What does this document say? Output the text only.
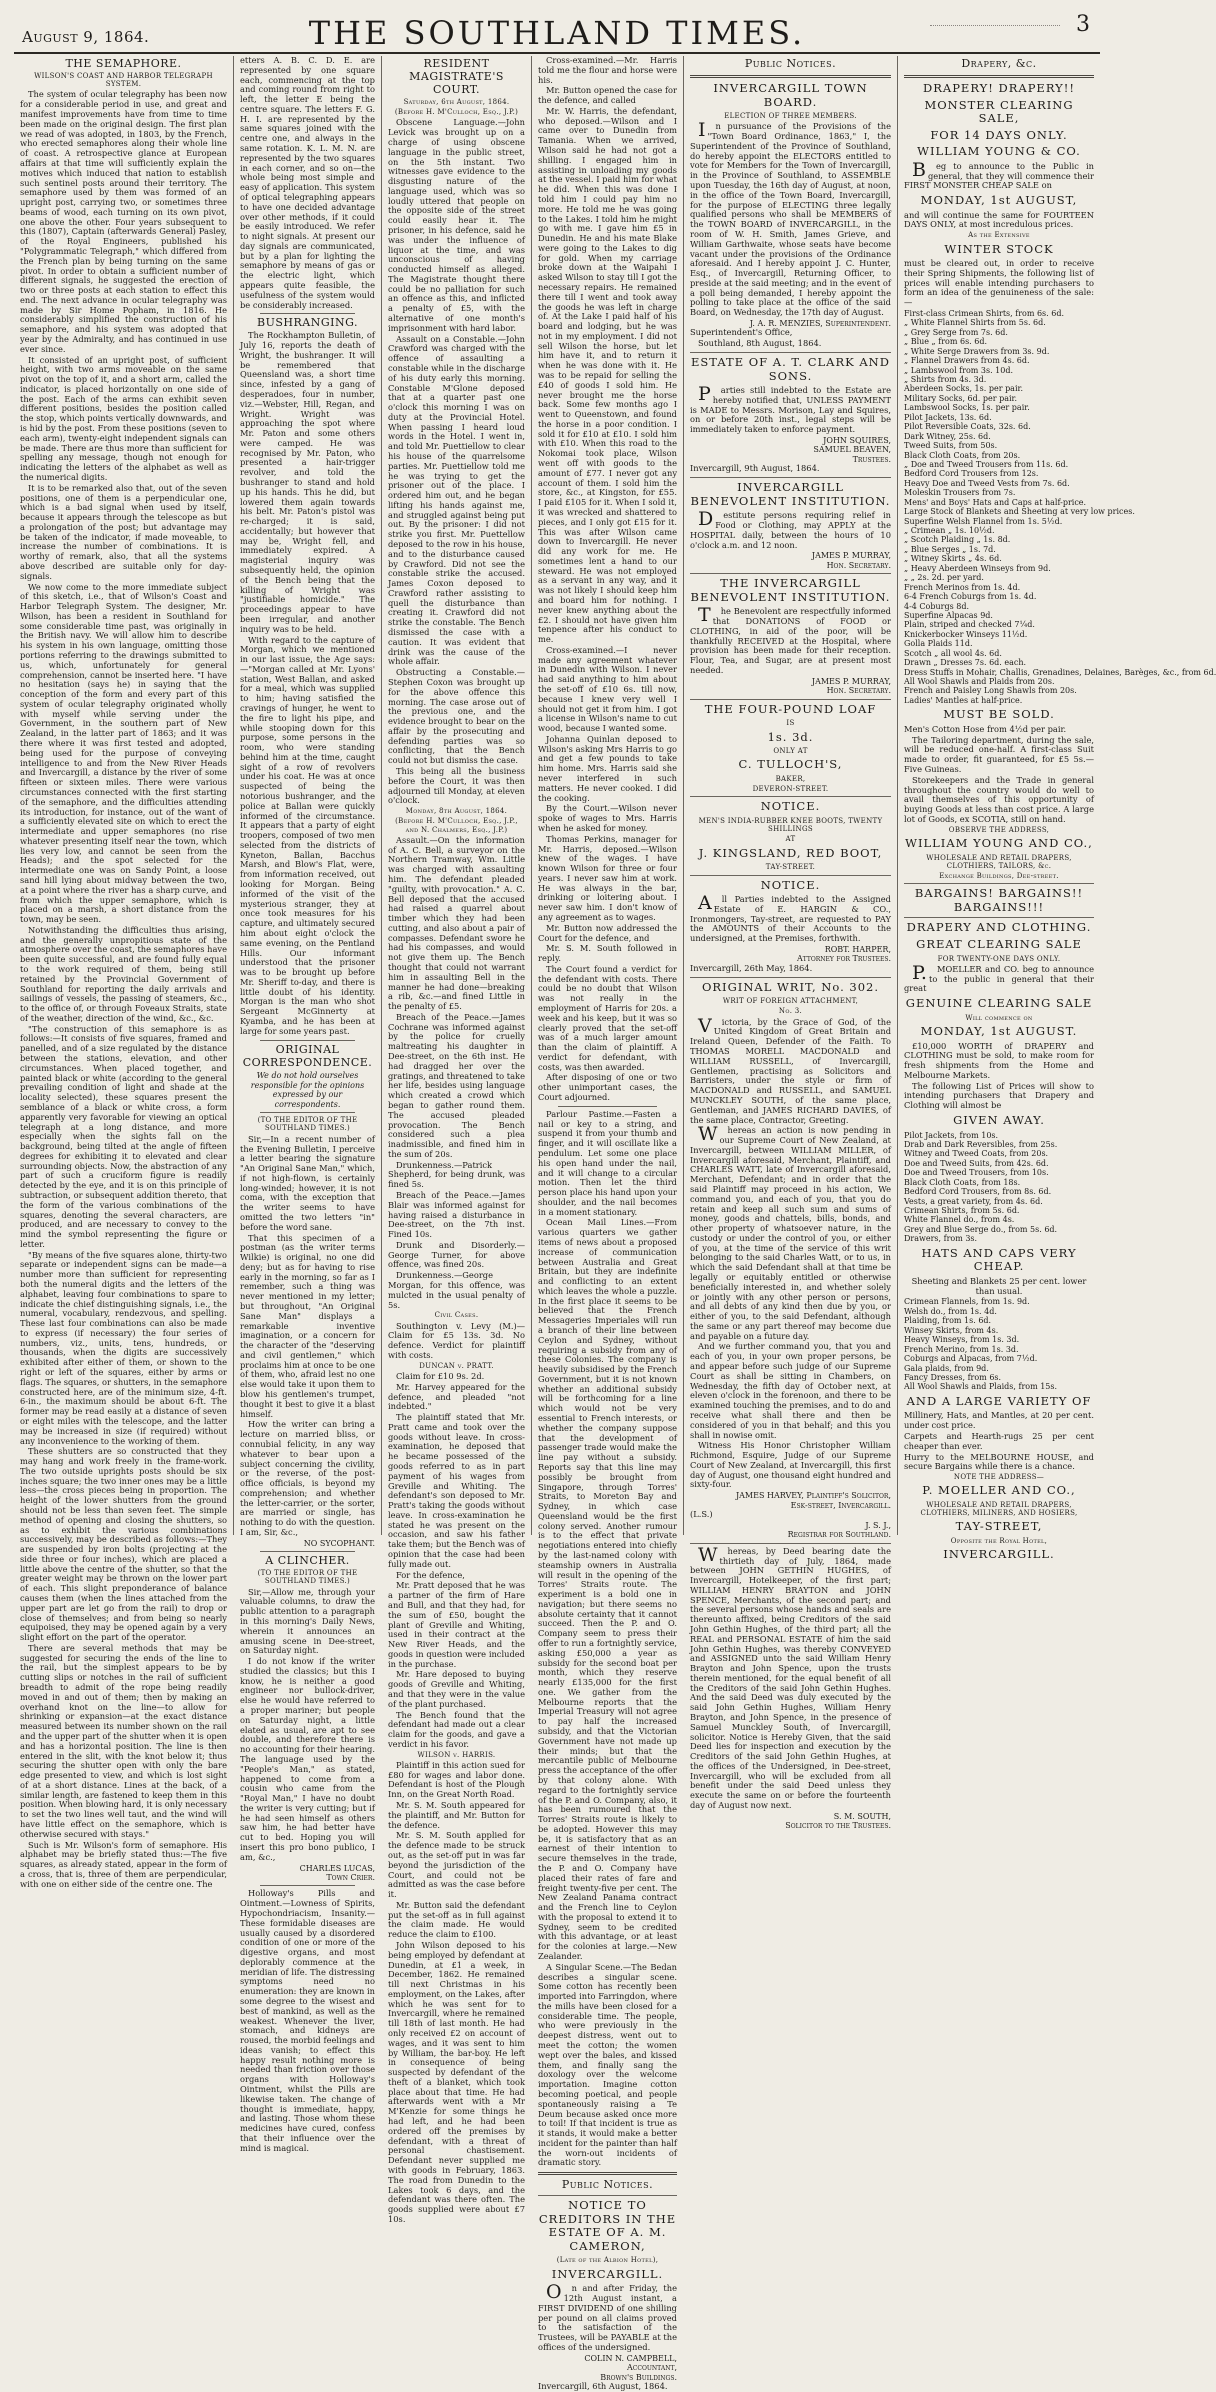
August 9, 1864.	THE SOUTHLAND TIMES.	3
THE SEMAPHORE.
WILSON'S COAST AND HARBOR TELEGRAPH SYSTEM.

The system of ocular telegraphy has been now for a considerable period in use, and great and manifest improvements have from time to time been made on the original design. The first plan we read of was adopted, in 1803, by the French, who erected semaphores along their whole line of coast. A retrospective glance at European affairs at that time will sufficiently explain the motives which induced that nation to establish such sentinel posts around their territory. The semaphore used by them was formed of an upright post, carrying two, or sometimes three beams of wood, each turning on its own pivot, one above the other. Four years subsequent to this (1807), Captain (afterwards General) Pasley, of the Royal Engineers, published his "Polygrammatic Telegraph," which differed from the French plan by being turning on the same pivot. In order to obtain a sufficient number of different signals, he suggested the erection of two or three posts at each station to effect this end. The next advance in ocular telegraphy was made by Sir Home Popham, in 1816. He considerably simplified the construction of his semaphore, and his system was adopted that year by the Admiralty, and has continued in use ever since.

It consisted of an upright post, of sufficient height, with two arms moveable on the same pivot on the top of it, and a short arm, called the indicator, is placed horizontally on one side of the post. Each of the arms can exhibit seven different positions, besides the position called the stop, which points vertically downwards, and is hid by the post. From these positions (seven to each arm), twenty-eight independent signals can be made. There are thus more than sufficient for spelling any message, though not enough for indicating the letters of the alphabet as well as the numerical digits.

It is to be remarked also that, out of the seven positions, one of them is a perpendicular one, which is a bad signal when used by itself, because it appears through the telescope as but a prolongation of the post; but advantage may be taken of the indicator, if made moveable, to increase the number of combinations. It is worthy of remark, also, that all the systems above described are suitable only for day-signals.

We now come to the more immediate subject of this sketch, i.e., that of Wilson's Coast and Harbor Telegraph System. The designer, Mr. Wilson, has been a resident in Southland for some considerable time past, was originally in the British navy. We will allow him to describe his system in his own language, omitting those portions referring to the drawings submitted to us, which, unfortunately for general comprehension, cannot be inserted here. "I have no hesitation (says he) in saying that the conception of the form and every part of this system of ocular telegraphy originated wholly with myself while serving under the Government, in the southern part of New Zealand, in the latter part of 1863; and it was there where it was first tested and adopted, being used for the purpose of conveying intelligence to and from the New River Heads and Invercargill, a distance by the river of some fifteen or sixteen miles. There were various circumstances connected with the first starting of the semaphore, and the difficulties attending its introduction, for instance, out of the want of a sufficiently elevated site on which to erect the intermediate and upper semaphores (no rise whatever presenting itself near the town, which lies very low, and cannot be seen from the Heads); and the spot selected for the intermediate one was on Sandy Point, a loose sand hill lying about midway between the two, at a point where the river has a sharp curve, and from which the upper semaphore, which is placed on a marsh, a short distance from the town, may be seen.

Notwithstanding the difficulties thus arising, and the generally unpropitious state of the atmosphere over the coast, the semaphores have been quite successful, and are found fully equal to the work required of them, being still retained by the Provincial Government of Southland for reporting the daily arrivals and sailings of vessels, the passing of steamers, &c., to the office of, or through Foveaux Straits, state of the weather, direction of the wind, &c., &c.

"The construction of this semaphore is as follows:—It consists of five squares, framed and panelled, and of a size regulated by the distance between the stations, elevation, and other circumstances. When placed together, and painted black or white (according to the general prevailing condition of light and shade at the locality selected), these squares present the semblance of a black or white cross, a form apparently very favorable for viewing an optical telegraph at a long distance, and more especially when the sights fall on the background, being tilted at the angle of fifteen degrees for exhibiting it to elevated and clear surrounding objects. Now, the abstraction of any part of such a cruciform figure is readily detected by the eye, and it is on this principle of subtraction, or subsequent addition thereto, that the form of the various combinations of the squares, denoting the several characters, are produced, and are necessary to convey to the mind the symbol representing the figure or letter.

"By means of the five squares alone, thirty-two separate or independent signs can be made—a number more than sufficient for representing both the numeral digits and the letters of the alphabet, leaving four combinations to spare to indicate the chief distinguishing signals, i.e., the numeral, vocabulary, rendezvous, and spelling. These last four combinations can also be made to express (if necessary) the four series of numbers, viz., units, tens, hundreds, or thousands, when the digits are successively exhibited after either of them, or shown to the right or left of the squares, either by arms or flags. The squares, or shutters, in the semaphore constructed here, are of the minimum size, 4-ft. 6-in., the maximum should be about 6-ft. The former may be read easily at a distance of seven or eight miles with the telescope, and the latter may be increased in size (if required) without any inconvenience to the working of them.

These shutters are so constructed that they may hang and work freely in the frame-work. The two outside uprights posts should be six inches square; the two inner ones may be a little less—the cross pieces being in proportion. The height of the lower shutters from the ground should not be less than seven feet. The simple method of opening and closing the shutters, so as to exhibit the various combinations successively, may be described as follows:—They are suspended by iron bolts (projecting at the side three or four inches), which are placed a little above the centre of the shutter, so that the greater weight may be thrown on the lower part of each. This slight preponderance of balance causes them (when the lines attached from the upper part are let go from the rail) to drop or close of themselves; and from being so nearly equipoised, they may be opened again by a very slight effort on the part of the operator.

There are several methods that may be suggested for securing the ends of the line to the rail, but the simplest appears to be by cutting slips or notches in the rail of sufficient breadth to admit of the rope being readily moved in and out of them; then by making an overhand knot on the line—to allow for shrinking or expansion—at the exact distance measured between its number shown on the rail and the upper part of the shutter when it is open and has a horizontal position. The line is then entered in the slit, with the knot below it; thus securing the shutter open with only the bare edge presented to view, and which is lost sight of at a short distance. Lines at the back, of a similar length, are fastened to keep them in this position. When blowing hard, it is only necessary to set the two lines well taut, and the wind will have little effect on the semaphore, which is otherwise secured with stays."

Such is Mr. Wilson's form of semaphore. His alphabet may be briefly stated thus:—The five squares, as already stated, appear in the form of a cross, that is, three of them are perpendicular, with one on either side of the centre one. The

etters A. B. C. D. E. are represented by one square each, commencing at the top and coming round from right to left, the letter E being the centre square. The letters F. G. H. I. are represented by the same squares joined with the centre one, and always in the same rotation. K. L. M. N. are represented by the two squares in each corner, and so on—the whole being most simple and easy of application. This system of optical telegraphing appears to have one decided advantage over other methods, if it could be easily introduced. We refer to night signals. At present our day signals are communicated, but by a plan for lighting the semaphore by means of gas or the electric light, which appears quite feasible, the usefulness of the system would be considerably increased.

BUSHRANGING.

The Rockhampton Bulletin, of July 16, reports the death of Wright, the bushranger. It will be remembered that Queensland was, a short time since, infested by a gang of desperadoes, four in number, viz.—Webster, Hill, Regan, and Wright. Wright was approaching the spot where Mr. Paton and some others were camped. He was recognised by Mr. Paton, who presented a hair-trigger revolver, and told the bushranger to stand and hold up his hands. This he did, but lowered them again towards his belt. Mr. Paton's pistol was re-charged; it is said, accidentally; but however that may be, Wright fell, and immediately expired. A magisterial inquiry was subsequently held, the opinion of the Bench being that the killing of Wright was "justifiable homicide." The proceedings appear to have been irregular, and another inquiry was to be held.

With regard to the capture of Morgan, which we mentioned in our last issue, the Age says:—"Morgan called at Mr. Lyons' station, West Ballan, and asked for a meal, which was supplied to him; having satisfied the cravings of hunger, he went to the fire to light his pipe, and while stooping down for this purpose, some persons in the room, who were standing behind him at the time, caught sight of a row of revolvers under his coat. He was at once suspected of being the notorious bushranger, and the police at Ballan were quickly informed of the circumstance. It appears that a party of eight troopers, composed of two men selected from the districts of Kyneton, Ballan, Bacchus Marsh, and Blow's Flat, were, from information received, out looking for Morgan. Being informed of the visit of the mysterious stranger, they at once took measures for his capture, and ultimately secured him about eight o'clock the same evening, on the Pentland Hills. Our informant understood that the prisoner was to be brought up before Mr. Sheriff to-day, and there is little doubt of his identity. Morgan is the man who shot Sergeant McGinnerty at Kyamba, and he has been at large for some years past.

ORIGINAL CORRESPONDENCE.
We do not hold ourselves responsible for the opinions expressed by our correspondents.
(TO THE EDITOR OF THE SOUTHLAND TIMES.)

Sir,—In a recent number of the Evening Bulletin, I perceive a letter bearing the signature "An Original Sane Man," which, if not high-flown, is certainly long-winded; however, it is not coma, with the exception that the writer seems to have omitted the two letters "in" before the word sane.

That this specimen of a postman (as the writer terms Wilkie) is original, no one did deny; but as for having to rise early in the morning, so far as I remember, such a thing was never mentioned in my letter; but throughout, "An Original Sane Man" displays a remarkable inventive imagination, or a concern for the character of the "deserving and civil gentlemen," which proclaims him at once to be one of them, who, afraid lest no one else would take it upon them to blow his gentlemen's trumpet, thought it best to give it a blast himself.

How the writer can bring a lecture on married bliss, or connubial felicity, in any way whatever to bear upon a subject concerning the civility, or the reverse, of the post-office officials, is beyond my comprehension; and whether the letter-carrier, or the sorter, are married or single, has nothing to do with the question. I am, Sir, &c.,

NO SYCOPHANT.
A CLINCHER.
(TO THE EDITOR OF THE SOUTHLAND TIMES.)

Sir,—Allow me, through your valuable columns, to draw the public attention to a paragraph in this morning's Daily News, wherein it announces an amusing scene in Dee-street, on Saturday night.

I do not know if the writer studied the classics; but this I know, he is neither a good engineer nor bullock-driver, else he would have referred to a proper mariner; but people on Saturday night, a little elated as usual, are apt to see double, and therefore there is no accounting for their hearing. The language used by the "People's Man," as stated, happened to come from a cousin who came from the "Royal Man," I have no doubt the writer is very cutting; but if he had seen himself as others saw him, he had better have cut to bed. Hoping you will insert this pro bono publico, I am, &c.,

CHARLES LUCAS,
Town Crier.

Holloway's Pills and Ointment.—Lowness of Spirits, Hypochondriacism, Insanity.—These formidable diseases are usually caused by a disordered condition of one or more of the digestive organs, and most deplorably commence at the meridian of life. The distressing symptoms need no enumeration: they are known in some degree to the wisest and best of mankind, as well as the weakest. Whenever the liver, stomach, and kidneys are roused, the morbid feelings and ideas vanish; to effect this happy result nothing more is needed than friction over those organs with Holloway's Ointment, whilst the Pills are likewise taken. The change of thought is immediate, happy, and lasting. Those whom these medicines have cured, confess that their influence over the mind is magical.

RESIDENT MAGISTRATE'S COURT.
Saturday, 6th August, 1864.
(Before H. M'Culloch, Esq., J.P.)

Obscene Language.—John Levick was brought up on a charge of using obscene language in the public street, on the 5th instant. Two witnesses gave evidence to the disgusting nature of the language used, which was so loudly uttered that people on the opposite side of the street could easily hear it. The prisoner, in his defence, said he was under the influence of liquor at the time, and was unconscious of having conducted himself as alleged. The Magistrate thought there could be no palliation for such an offence as this, and inflicted a penalty of £5, with the alternative of one month's imprisonment with hard labor.

Assault on a Constable.—John Crawford was charged with the offence of assaulting a constable while in the discharge of his duty early this morning. Constable M'Glone deposed that at a quarter past one o'clock this morning I was on duty at the Provincial Hotel. When passing I heard loud words in the Hotel. I went in, and told Mr. Puettiellow to clear his house of the quarrelsome parties. Mr. Puettiellow told me he was trying to get the prisoner out of the place. I ordered him out, and he began lifting his hands against me, and struggled against being put out. By the prisoner: I did not strike you first. Mr. Puettellow deposed to the row in his house, and to the disturbance caused by Crawford. Did not see the constable strike the accused. James Coxon deposed to Crawford rather assisting to quell the disturbance than creating it. Crawford did not strike the constable. The Bench dismissed the case with a caution. It was evident that drink was the cause of the whole affair.

Obstructing a Constable.—Stephen Coxon was brought up for the above offence this morning. The case arose out of the previous one, and the evidence brought to bear on the affair by the prosecuting and defending parties was so conflicting, that the Bench could not but dismiss the case.

This being all the business before the Court, it was then adjourned till Monday, at eleven o'clock.

Monday, 8th August, 1864.
(Before H. M'Culloch, Esq., J.P., and N. Chalmers, Esq., J.P.)

Assault.—On the information of A. C. Bell, a surveyor on the Northern Tramway, Wm. Little was charged with assaulting him. The defendant pleaded "guilty, with provocation." A. C. Bell deposed that the accused had raised a quarrel about timber which they had been cutting, and also about a pair of compasses. Defendant swore he had his compasses, and would not give them up. The Bench thought that could not warrant him in assaulting Bell in the manner he had done—breaking a rib, &c.—and fined Little in the penalty of £5.

Breach of the Peace.—James Cochrane was informed against by the police for cruelly maltreating his daughter in Dee-street, on the 6th inst. He had dragged her over the gratings, and threatened to take her life, besides using language which created a crowd which began to gather round them. The accused pleaded provocation. The Bench considered such a plea inadmissible, and fined him in the sum of 20s.

Drunkenness.—Patrick Shepherd, for being drunk, was fined 5s.

Breach of the Peace.—James Blair was informed against for having raised a disturbance in Dee-street, on the 7th inst. Fined 10s.

Drunk and Disorderly.—George Turner, for above offence, was fined 20s.

Drunkenness.—George Morgan, for this offence, was mulcted in the usual penalty of 5s.

Civil Cases.

Southington v. Levy (M.)—Claim for £5 13s. 3d. No defence. Verdict for plaintiff with costs.

DUNCAN v. PRATT.

Claim for £10 9s. 2d.

Mr. Harvey appeared for the defence, and pleaded "not indebted."

The plaintiff stated that Mr. Pratt came and took over the goods without leave. In cross-examination, he deposed that he became possessed of the goods referred to as in part payment of his wages from Greville and Whiting. The defendant's son deposed to Mr. Pratt's taking the goods without leave. In cross-examination he stated he was present on the occasion, and saw his father take them; but the Bench was of opinion that the case had been fully made out.

For the defence,

Mr. Pratt deposed that he was a partner of the firm of Hare and Bull, and that they had, for the sum of £50, bought the plant of Greville and Whiting, used in their contract at the New River Heads, and the goods in question were included in the purchase.

Mr. Hare deposed to buying goods of Greville and Whiting, and that they were in the value of the plant purchased.

The Bench found that the defendant had made out a clear claim for the goods, and gave a verdict in his favor.

WILSON v. HARRIS.

Plaintiff in this action sued for £80 for wages and labor done. Defendant is host of the Plough Inn, on the Great North Road.

Mr. S. M. South appeared for the plaintiff, and Mr. Button for the defence.

Mr. S. M. South applied for the defence made to be struck out, as the set-off put in was far beyond the jurisdiction of the Court, and could not be admitted as was the case before it.

Mr. Button said the defendant put the set-off as in full against the claim made. He would reduce the claim to £100.

John Wilson deposed to his being employed by defendant at Dunedin, at £1 a week, in December, 1862. He remained till next Christmas in his employment, on the Lakes, after which he was sent for to Invercargill, where he remained till 18th of last month. He had only received £2 on account of wages, and it was sent to him by William, the bar-boy. He left in consequence of being suspected by defendant of the theft of a blanket, which took place about that time. He had afterwards went with a Mr M'Kenzie for some things he had left, and he had been ordered off the premises by defendant, with a threat of personal chastisement. Defendant never supplied me with goods in February, 1863. The road from Dunedin to the Lakes took 6 days, and the defendant was there often. The goods supplied were about £7 10s.

Cross-examined.—Mr. Harris told me the flour and horse were his.

Mr. Button opened the case for the defence, and called

Mr. W. Harris, the defendant, who deposed.—Wilson and I came over to Dunedin from Tamania. When we arrived, Wilson said he had not got a shilling. I engaged him in assisting in unloading my goods at the vessel. I paid him for what he did. When this was done I told him I could pay him no more. He told me he was going to the Lakes. I told him he might go with me. I gave him £5 in Dunedin. He and his mate Blake were going to the Lakes to dig for gold. When my carriage broke down at the Waipahi I asked Wilson to stay till I got the necessary repairs. He remained there till I went and took away the goods he was left in charge of. At the Lake I paid half of his board and lodging, but he was not in my employment. I did not sell Wilson the horse, but let him have it, and to return it when he was done with it. He was to be repaid for selling the £40 of goods I sold him. He never brought me the horse back. Some few months ago I went to Queenstown, and found the horse in a poor condition. I sold it for £10 at £10. I sold him with £10. When this road to the Nokomai took place, Wilson went off with goods to the amount of £77. I never got any account of them. I sold him the store, &c., at Kingston, for £55. I paid £105 for it. When I sold it, it was wrecked and shattered to pieces, and I only got £15 for it. This was after Wilson came down to Invercargill. He never did any work for me. He sometimes lent a hand to our steward. He was not employed as a servant in any way, and it was not likely I should keep him and board him for nothing. I never knew anything about the £2. I should not have given him tenpence after his conduct to me.

Cross-examined.—I never made any agreement whatever in Dunedin with Wilson. I never had said anything to him about the set-off of £10 6s. till now, because I knew very well I should not get it from him. I got a license in Wilson's name to cut wood, because I wanted some.

Johanna Quinlan deposed to Wilson's asking Mrs Harris to go and get a few pounds to take him home. Mrs. Harris said she never interfered in such matters. He never cooked. I did the cooking.

By the Court.—Wilson never spoke of wages to Mrs. Harris when he asked for money.

Thomas Perkins, manager for Mr. Harris, deposed.—Wilson knew of the wages. I have known Wilson for three or four years. I never saw him at work. He was always in the bar, drinking or loitering about. I never saw him. I don't know of any agreement as to wages.

Mr. Button now addressed the Court for the defence, and

Mr. S. M. South followed in reply.

The Court found a verdict for the defendant with costs. There could be no doubt that Wilson was not really in the employment of Harris for 20s. a week and his keep, but it was so clearly proved that the set-off was of a much larger amount than the claim of plaintiff. A verdict for defendant, with costs, was then awarded.

After disposing of one or two other unimportant cases, the Court adjourned.

Parlour Pastime.—Fasten a nail or key to a string, and suspend it from your thumb and finger, and it will oscillate like a pendulum. Let some one place his open hand under the nail, and it will change to a circular motion. Then let the third person place his hand upon your shoulder, and the nail becomes in a moment stationary.

Ocean Mail Lines.—From various quarters we gather items of news about a proposed increase of communication between Australia and Great Britain, but they are indefinite and conflicting to an extent which leaves the whole a puzzle. In the first place it seems to be believed that the French Messageries Imperiales will run a branch of their line between Ceylon and Sydney, without requiring a subsidy from any of these Colonies. The company is heavily subsidised by the French Government, but it is not known whether an additional subsidy will be forthcoming for a line which would not be very essential to French interests, or whether the company suppose that the development of passenger trade would make the line pay without a subsidy. Reports say that this line may possibly be brought from Singapore, through Torres' Straits, to Moreton Bay and Sydney, in which case Queensland would be the first colony served. Another rumour is to the effect that private negotiations entered into chiefly by the last-named colony with steamship owners in Australia will result in the opening of the Torres' Straits route. The experiment is a bold one in navigation; but there seems no absolute certainty that it cannot succeed. Then the P. and O. Company seem to press their offer to run a fortnightly service, asking £50,000 a year as subsidy for the second boat per month, which they reserve nearly £135,000 for the first one. We gather from the Melbourne reports that the Imperial Treasury will not agree to pay half the increased subsidy, and that the Victorian Government have not made up their minds; but that the mercantile public of Melbourne press the acceptance of the offer by that colony alone. With regard to the fortnightly service of the P. and O. Company, also, it has been rumoured that the Torres' Straits route is likely to be adopted. However this may be, it is satisfactory that as an earnest of their intention to secure themselves in the trade, the P. and O. Company have placed their rates of fare and freight twenty-five per cent. The New Zealand Panama contract and the French line to Ceylon with the proposal to extend it to Sydney, seem to be credited with this advantage, or at least for the colonies at large.—New Zealander.

A Singular Scene.—The Bedan describes a singular scene. Some cotton has recently been imported into Farringdon, where the mills have been closed for a considerable time. The people, who were previously in the deepest distress, went out to meet the cotton; the women wept over the bales, and kissed them, and finally sang the doxology over the welcome importation. Imagine cotton becoming poetical, and people spontaneously raising a Te Deum because asked once more to toil! If that incident is true as it stands, it would make a better incident for the painter than half the worn-out incidents of dramatic story.

Public Notices.
NOTICE TO CREDITORS IN THE ESTATE OF A. M. CAMERON,
(Late of the Albion Hotel),
INVERCARGILL.

On and after Friday, the 12th August instant, a FIRST DIVIDEND of one shilling per pound on all claims proved to the satisfaction of the Trustees, will be PAYABLE at the offices of the undersigned.

COLIN N. CAMPBELL, Accountant,
Brown's Buildings.

Invercargill, 6th August, 1864.

Public Notices.
INVERCARGILL TOWN BOARD.
ELECTION OF THREE MEMBERS.

In pursuance of the Provisions of the "Town Board Ordinance, 1863," I, the Superintendent of the Province of Southland, do hereby appoint the ELECTORS entitled to vote for Members for the Town of Invercargill, in the Province of Southland, to ASSEMBLE upon Tuesday, the 16th day of August, at noon, in the office of the Town Board, Invercargill, for the purpose of ELECTING three legally qualified persons who shall be MEMBERS of the TOWN BOARD of INVERCARGILL, in the room of W. H. Smith, James Grieve, and William Garthwaite, whose seats have become vacant under the provisions of the Ordinance aforesaid. And I hereby appoint J. C. Hunter, Esq., of Invercargill, Returning Officer, to preside at the said meeting; and in the event of a poll being demanded, I hereby appoint the polling to take place at the office of the said Board, on Wednesday, the 17th day of August.

J. A. R. MENZIES, Superintendent.

Superintendent's Office,

Southland, 8th August, 1864.

ESTATE OF A. T. CLARK AND SONS.

Parties still indebted to the Estate are hereby notified that, UNLESS PAYMENT is MADE to Messrs. Morison, Lay and Squires, on or before 20th inst., legal steps will be immediately taken to enforce payment.

JOHN SQUIRES,
SAMUEL BEAVEN,
Trustees.

Invercargill, 9th August, 1864.

INVERCARGILL BENEVOLENT INSTITUTION.

Destitute persons requiring relief in Food or Clothing, may APPLY at the HOSPITAL daily, between the hours of 10 o'clock a.m. and 12 noon.

JAMES P. MURRAY,
Hon. Secretary.
THE INVERCARGILL BENEVOLENT INSTITUTION.

The Benevolent are respectfully informed that DONATIONS of FOOD or CLOTHING, in aid of the poor, will be thankfully RECEIVED at the Hospital, where provision has been made for their reception. Flour, Tea, and Sugar, are at present most needed.

JAMES P. MURRAY,
Hon. Secretary.
THE FOUR-POUND LOAF
IS
1s. 3d.
ONLY AT
C. TULLOCH'S,
BAKER,
DEVERON-STREET.
NOTICE.
MEN'S INDIA-RUBBER KNEE BOOTS, TWENTY SHILLINGS
AT
J. KINGSLAND, RED BOOT,
TAY-STREET.
NOTICE.

All Parties indebted to the Assigned Estate of E. HARGIN & CO., Ironmongers, Tay-street, are requested to PAY the AMOUNTS of their Accounts to the undersigned, at the Premises, forthwith.

ROBT. HARPER,
Attorney for Trustees.

Invercargill, 26th May, 1864.

ORIGINAL WRIT, No. 302.
WRIT OF FOREIGN ATTACHMENT,
No. 3.

Victoria, by the Grace of God, of the United Kingdom of Great Britain and Ireland Queen, Defender of the Faith. To THOMAS MORELL MACDONALD and WILLIAM RUSSELL, of Invercargill, Gentlemen, practising as Solicitors and Barristers, under the style or firm of MACDONALD and RUSSELL, and SAMUEL MUNCKLEY SOUTH, of the same place, Gentleman, and JAMES RICHARD DAVIES, of the same place, Contractor, Greeting.

Whereas an action is now pending in our Supreme Court of New Zealand, at Invercargill, between WILLIAM MILLER, of Invercargill aforesaid, Merchant, Plaintiff, and CHARLES WATT, late of Invercargill aforesaid, Merchant, Defendant; and in order that the said Plaintiff may proceed in his action, We command you, and each of you, that you do retain and keep all such sum and sums of money, goods and chattels, bills, bonds, and other property of whatsoever nature, in the custody or under the control of you, or either of you, at the time of the service of this writ belonging to the said Charles Watt, or to us, in which the said Defendant shall at that time be legally or equitably entitled or otherwise beneficially interested in, and whether solely or jointly with any other person or persons, and all debts of any kind then due by you, or either of you, to the said Defendant, although the same or any part thereof may become due and payable on a future day.

And we further command you, that you and each of you, in your own proper persons, be and appear before such judge of our Supreme Court as shall be sitting in Chambers, on Wednesday, the fifth day of October next, at eleven o'clock in the forenoon, and there to be examined touching the premises, and to do and receive what shall there and then be considered of you in that behalf; and this you shall in nowise omit.

Witness His Honor Christopher William Richmond, Esquire, Judge of our Supreme Court of New Zealand, at Invercargill, this first day of August, one thousand eight hundred and sixty-four.

JAMES HARVEY, Plaintiff's Solicitor,
Esk-street, Invercargill.

(L.S.)

J. S. J.,
Registrar for Southland.

Whereas, by Deed bearing date the thirtieth day of July, 1864, made between JOHN GETHIN HUGHES, of Invercargill, Hotelkeeper, of the first part; WILLIAM HENRY BRAYTON and JOHN SPENCE, Merchants, of the second part; and the several persons whose hands and seals are thereunto affixed, being Creditors of the said John Gethin Hughes, of the third part; all the REAL and PERSONAL ESTATE of him the said John Gethin Hughes, was thereby CONVEYED and ASSIGNED unto the said William Henry Brayton and John Spence, upon the trusts therein mentioned, for the equal benefit of all the Creditors of the said John Gethin Hughes. And the said Deed was duly executed by the said John Gethin Hughes, William Henry Brayton, and John Spence, in the presence of Samuel Munckley South, of Invercargill, solicitor. Notice is Hereby Given, that the said Deed lies for inspection and execution by the Creditors of the said John Gethin Hughes, at the offices of the Undersigned, in Dee-street, Invercargill, who will be excluded from all benefit under the said Deed unless they execute the same on or before the fourteenth day of August now next.

S. M. SOUTH,
Solicitor to the Trustees.
Drapery, &c.
DRAPERY! DRAPERY!!
MONSTER CLEARING SALE,
FOR 14 DAYS ONLY.
WILLIAM YOUNG & CO.

Beg to announce to the Public in general, that they will commence their FIRST MONSTER CHEAP SALE on

MONDAY, 1st AUGUST,

and will continue the same for FOURTEEN DAYS ONLY, at most incredulous prices.

As the Extensive
WINTER STOCK

must be cleared out, in order to receive their Spring Shipments, the following list of prices will enable intending purchasers to form an idea of the genuineness of the sale:—

First-class Crimean Shirts, from 6s. 6d.
„ White Flannel Shirts from 5s. 6d.
„ Grey Serge from 7s. 6d.
„ Blue „ from 6s. 6d.
„ White Serge Drawers from 3s. 9d.
„ Flannel Drawers from 4s. 6d.
„ Lambswool from 3s. 10d.
„ Shirts from 4s. 3d.
Aberdeen Socks, 1s. per pair.
Military Socks, 6d. per pair.
Lambswool Socks, 1s. per pair.
Pilot Jackets, 13s. 6d.
Pilot Reversible Coats, 32s. 6d.
Dark Witney, 25s. 6d.
Tweed Suits, from 50s.
Black Cloth Coats, from 20s.
„ Doe and Tweed Trousers from 11s. 6d.
Bedford Cord Trousers from 12s.
Heavy Doe and Tweed Vests from 7s. 6d.
Moleskin Trousers from 7s.
Mens' and Boys' Hats and Caps at half-price.
Large Stock of Blankets and Sheeting at very low prices.
Superfine Welsh Flannel from 1s. 5½d.
„ Crimean „ 1s. 10½d.
„ Scotch Plaiding „ 1s. 8d.
„ Blue Serges „ 1s. 7d.
„ Witney Skirts „ 4s. 6d.
„ Heavy Aberdeen Winseys from 9d.
„ „ 2s. 2d. per yard.
French Merinos from 1s. 4d.
6-4 French Coburgs from 1s. 4d.
4-4 Coburgs 8d.
Superfine Alpacas 9d.
Plain, striped and checked 7¼d.
Knickerbocker Winseys 11½d.
Golla Plaids 11d.
Scotch „ all wool 4s. 6d.
Drawn „ Dresses 7s. 6d. each.
Dress Stuffs in Mohair, Challis, Grenadines, Delaines, Barèges, &c., from 6d.
All Wool Shawls and Plaids from 20s.
French and Paisley Long Shawls from 20s.
Ladies' Mantles at half-price.
MUST BE SOLD.

Men's Cotton Hose from 4½d per pair.

The Tailoring department, during the sale, will be reduced one-half. A first-class Suit made to order, fit guaranteed, for £5 5s.—Five Guineas.

Storekeepers and the Trade in general throughout the country would do well to avail themselves of this opportunity of buying Goods at less than cost price. A large lot of Goods, ex SCOTIA, still on hand.

OBSERVE THE ADDRESS,
WILLIAM YOUNG AND CO.,
WHOLESALE AND RETAIL DRAPERS, CLOTHIERS, TAILORS, &c.
Exchange Buildings, Dee-street.
BARGAINS! BARGAINS!! BARGAINS!!!
DRAPERY AND CLOTHING.
GREAT CLEARING SALE
FOR TWENTY-ONE DAYS ONLY.

P.MOELLER and CO. beg to announce to the public in general that their great

GENUINE CLEARING SALE
Will commence on
MONDAY, 1st AUGUST.

£10,000 WORTH of DRAPERY and CLOTHING must be sold, to make room for fresh shipments from the Home and Melbourne Markets.

The following List of Prices will show to intending purchasers that Drapery and Clothing will almost be

GIVEN AWAY.
Pilot Jackets, from 10s.
Drab and Dark Reversibles, from 25s.
Witney and Tweed Coats, from 20s.
Doe and Tweed Suits, from 42s. 6d.
Doe and Tweed Trousers, from 10s.
Black Cloth Coats, from 18s.
Bedford Cord Trousers, from 8s. 6d.
Vests, a great variety, from 4s. 6d.
Crimean Shirts, from 5s. 6d.
White Flannel do., from 4s.
Grey and Blue Serge do., from 5s. 6d.
Drawers, from 3s.
HATS AND CAPS VERY CHEAP.

Sheeting and Blankets 25 per cent. lower than usual.

Crimean Flannels, from 1s. 9d.
Welsh do., from 1s. 4d.
Plaiding, from 1s. 6d.
Winsey Skirts, from 4s.
Heavy Winseys, from 1s. 3d.
French Merino, from 1s. 3d.
Coburgs and Alpacas, from 7½d.
Gala plaids, from 9d.
Fancy Dresses, from 6s.
All Wool Shawls and Plaids, from 15s.
AND A LARGE VARIETY OF

Millinery, Hats, and Mantles, at 20 per cent. under cost price.

Carpets and Hearth-rugs 25 per cent cheaper than ever.

Hurry to the MELBOURNE HOUSE, and secure Bargains while there is a chance.

NOTE THE ADDRESS—
P. MOELLER AND CO.,
WHOLESALE AND RETAIL DRAPERS, CLOTHIERS, MILINERS, AND HOSIERS,
TAY-STREET,
Opposite the Royal Hotel,
INVERCARGILL.
